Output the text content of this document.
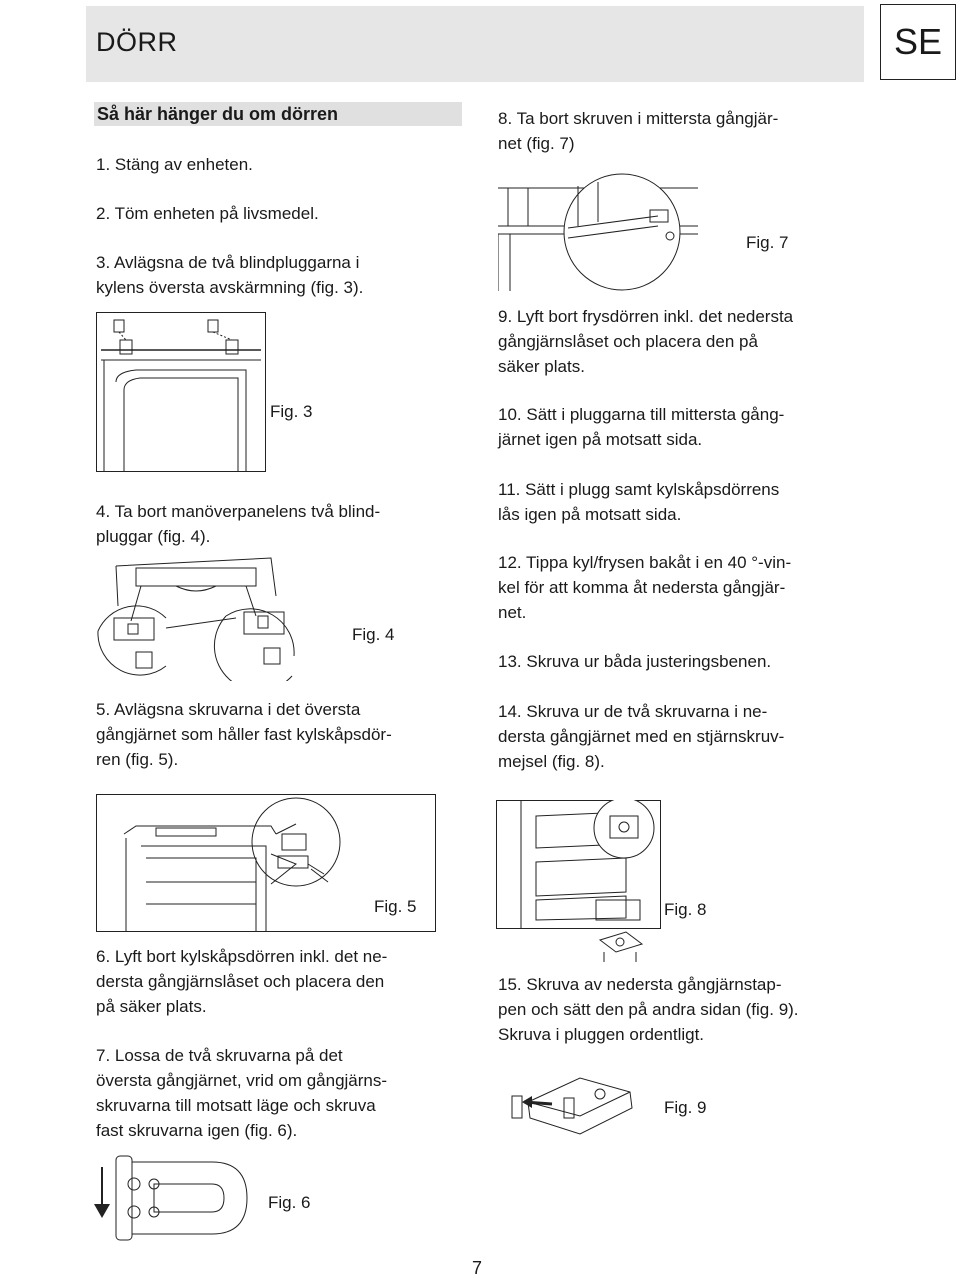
DÖRR	SE
Så här hänger du om dörren
1. Stäng av enheten.
2. Töm enheten på livsmedel.
3. Avlägsna de två blindpluggarna i
kylens översta avskärmning (fig. 3).
Fig. 3
4. Ta bort manöverpanelens två blind-
pluggar (fig. 4).
Fig. 4
5. Avlägsna skruvarna i det översta
gångjärnet som håller fast kylskåpsdör-
ren (fig. 5).
Fig. 5
6. Lyft bort kylskåpsdörren inkl. det ne-
dersta gångjärnslåset och placera den
på säker plats.
7. Lossa de två skruvarna på det
översta gångjärnet, vrid om gångjärns-
skruvarna till motsatt läge och skruva
fast skruvarna igen (fig. 6).
Fig. 6
8. Ta bort skruven i mittersta gångjär-
net (fig. 7)
Fig. 7
9. Lyft bort frysdörren inkl. det nedersta
gångjärnslåset och placera den på
säker plats.
10. Sätt i pluggarna till mittersta gång-
järnet igen på motsatt sida.
11. Sätt i plugg samt kylskåpsdörrens
lås igen på motsatt sida.
12. Tippa kyl/frysen bakåt i en 40 °-vin-
kel för att komma åt nedersta gångjär-
net.
13. Skruva ur båda justeringsbenen.
14. Skruva ur de två skruvarna i ne-
dersta gångjärnet med en stjärnskruv-
mejsel (fig. 8).
Fig. 8
15. Skruva av nedersta gångjärnstap-
pen och sätt den på andra sidan (fig. 9).
Skruva i pluggen ordentligt.
Fig. 9
7
